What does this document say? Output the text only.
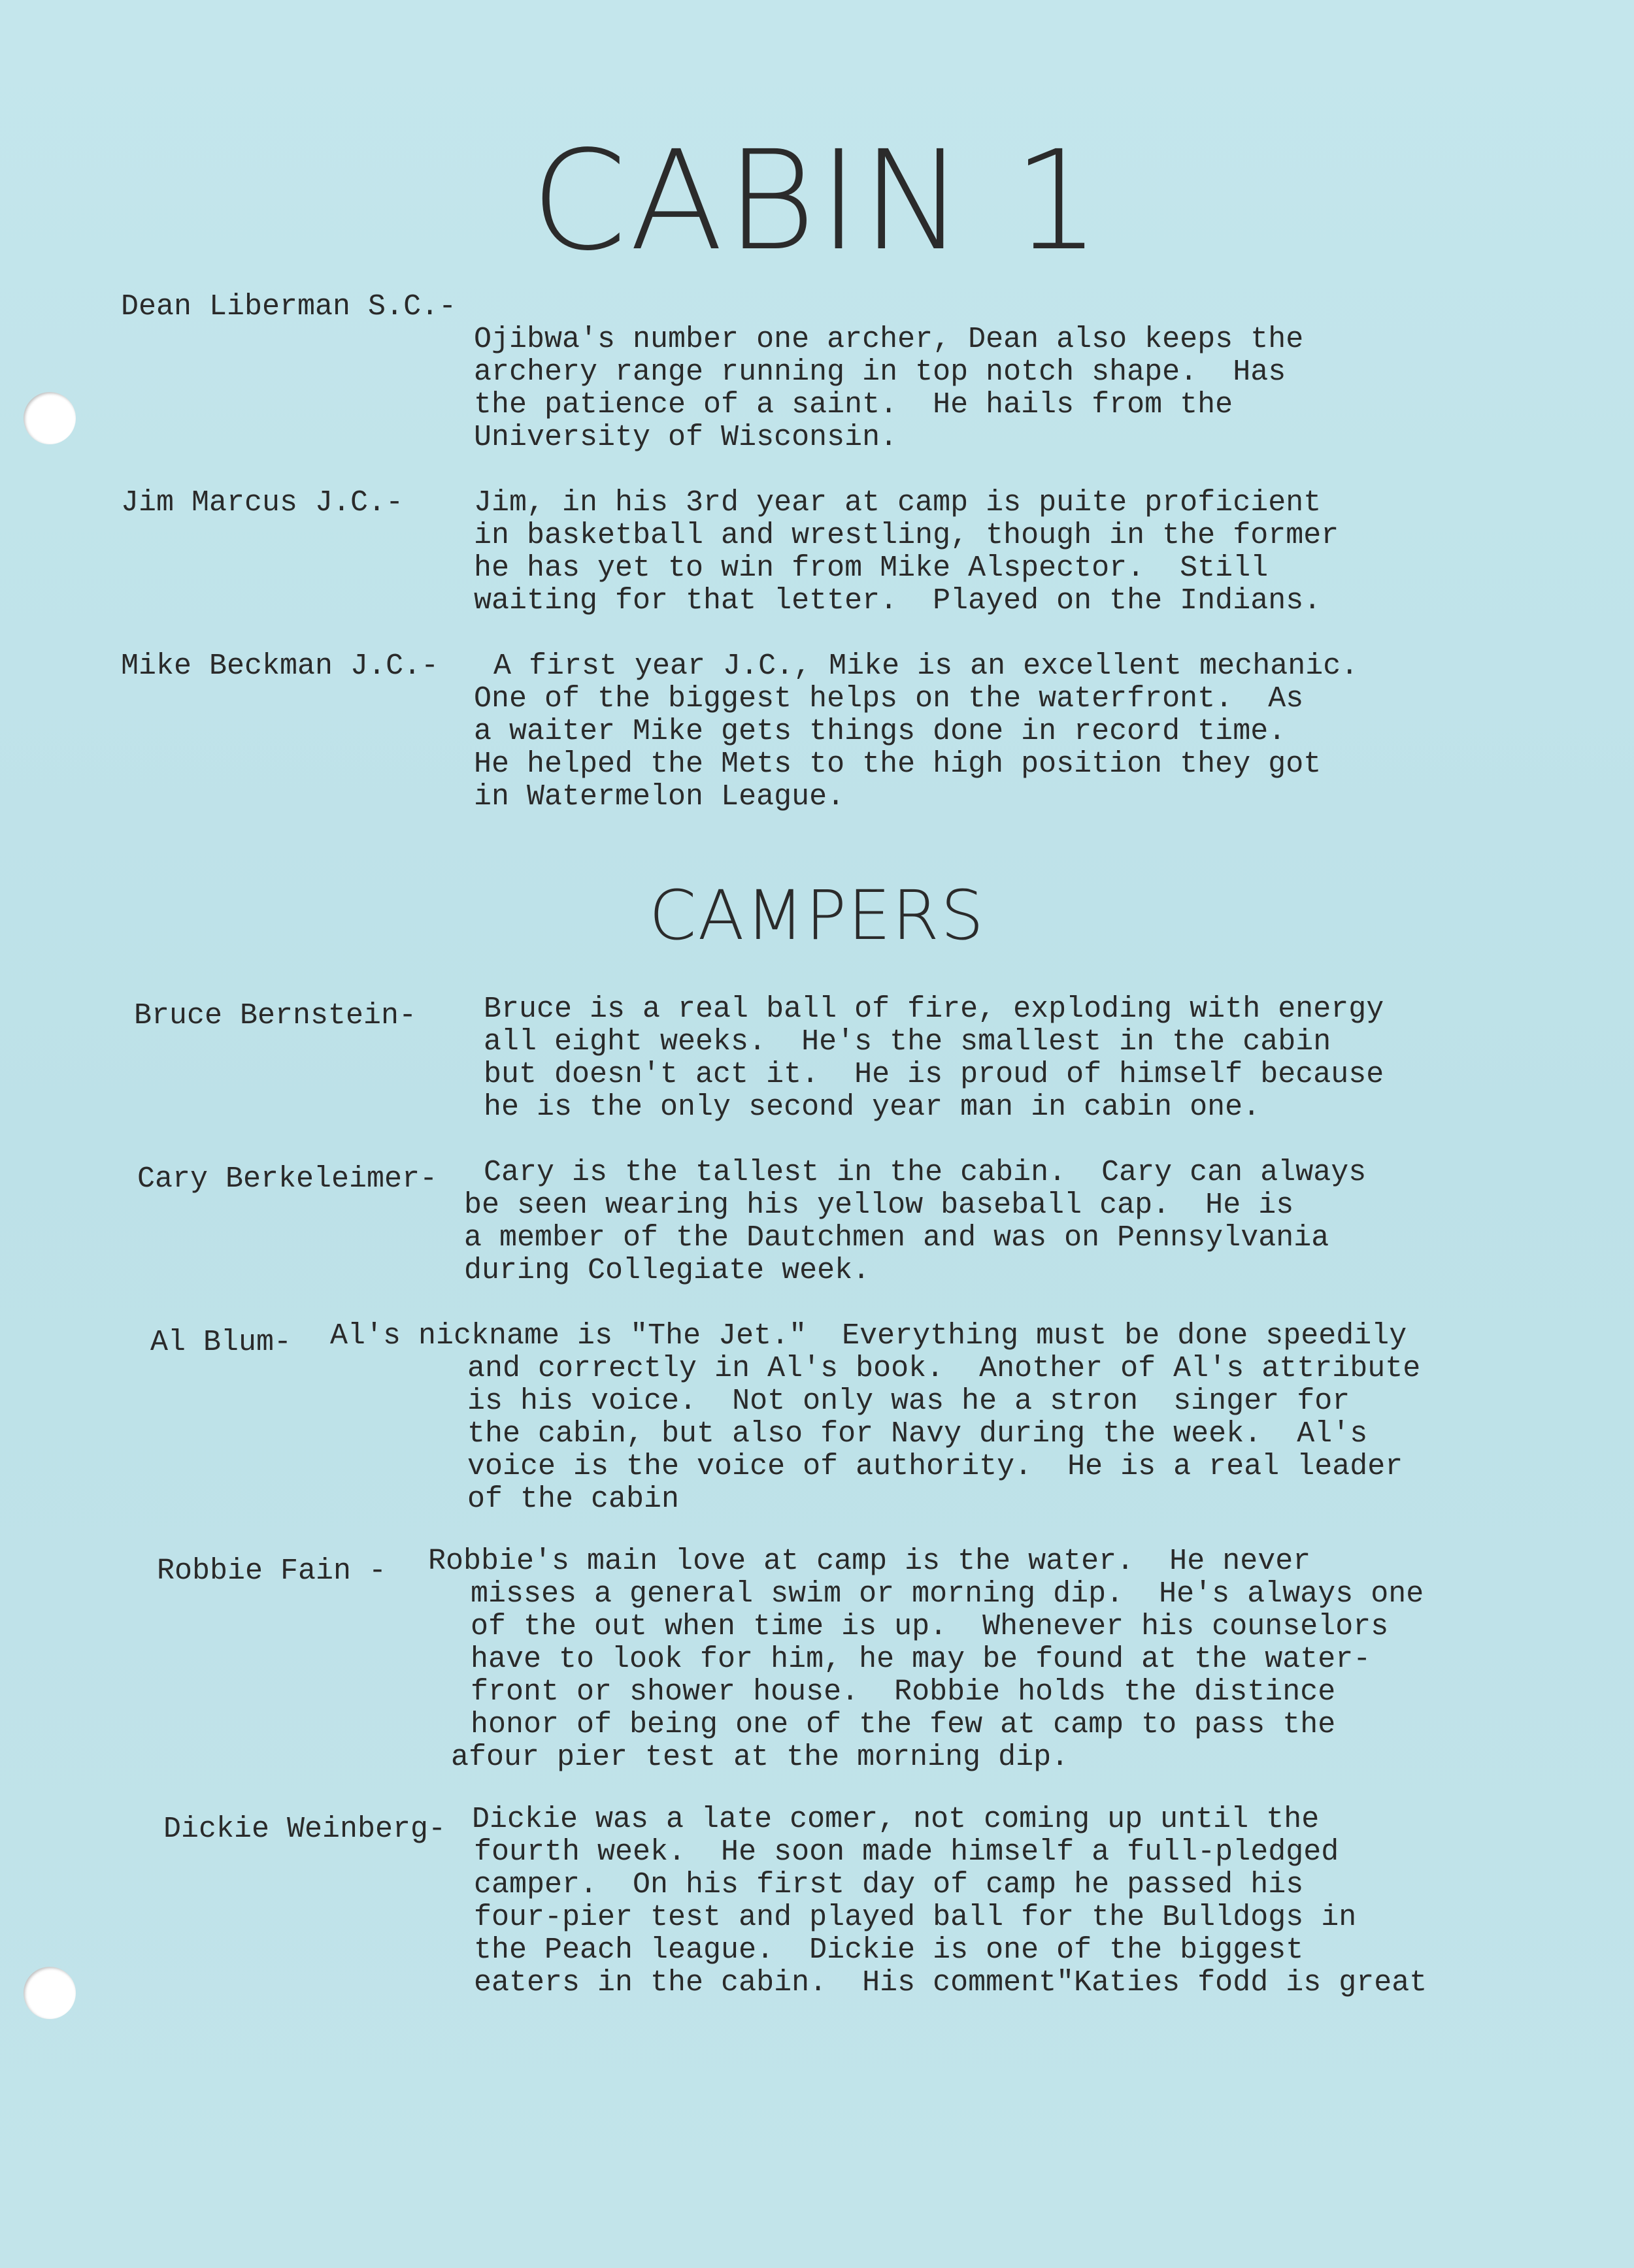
CABIN 1
Dean Liberman S.C.-
Ojibwa's number one archer, Dean also keeps the
archery range running in top notch shape.  Has
the patience of a saint.  He hails from the
University of Wisconsin.
Jim Marcus J.C.- Jim, in his 3rd year at camp is puite proficient
in basketball and wrestling, though in the former
he has yet to win from Mike Alspector.  Still
waiting for that letter.  Played on the Indians.
Mike Beckman J.C.- A first year J.C., Mike is an excellent mechanic.
One of the biggest helps on the waterfront.  As
a waiter Mike gets things done in record time.
He helped the Mets to the high position they got
in Watermelon League.
CAMPERS
Bruce Bernstein- Bruce is a real ball of fire, exploding with energy
all eight weeks.  He's the smallest in the cabin
but doesn't act it.  He is proud of himself because
he is the only second year man in cabin one.
Cary Berkeleimer- Cary is the tallest in the cabin.  Cary can always
be seen wearing his yellow baseball cap.  He is
a member of the Dautchmen and was on Pennsylvania
during Collegiate week.
Al Blum- Al's nickname is "The Jet."  Everything must be done speedily
and correctly in Al's book.  Another of Al's attribute
is his voice.  Not only was he a stron  singer for
the cabin, but also for Navy during the week.  Al's
voice is the voice of authority.  He is a real leader
of the cabin
Robbie Fain - Robbie's main love at camp is the water.  He never
misses a general swim or morning dip.  He's always one
of the out when time is up.  Whenever his counselors
have to look for him, he may be found at the water-
front or shower house.  Robbie holds the distince
honor of being one of the few at camp to pass the
afour pier test at the morning dip.
Dickie Weinberg- Dickie was a late comer, not coming up until the
fourth week.  He soon made himself a full-pledged
camper.  On his first day of camp he passed his
four-pier test and played ball for the Bulldogs in
the Peach league.  Dickie is one of the biggest
eaters in the cabin.  His comment"Katies fodd is great
